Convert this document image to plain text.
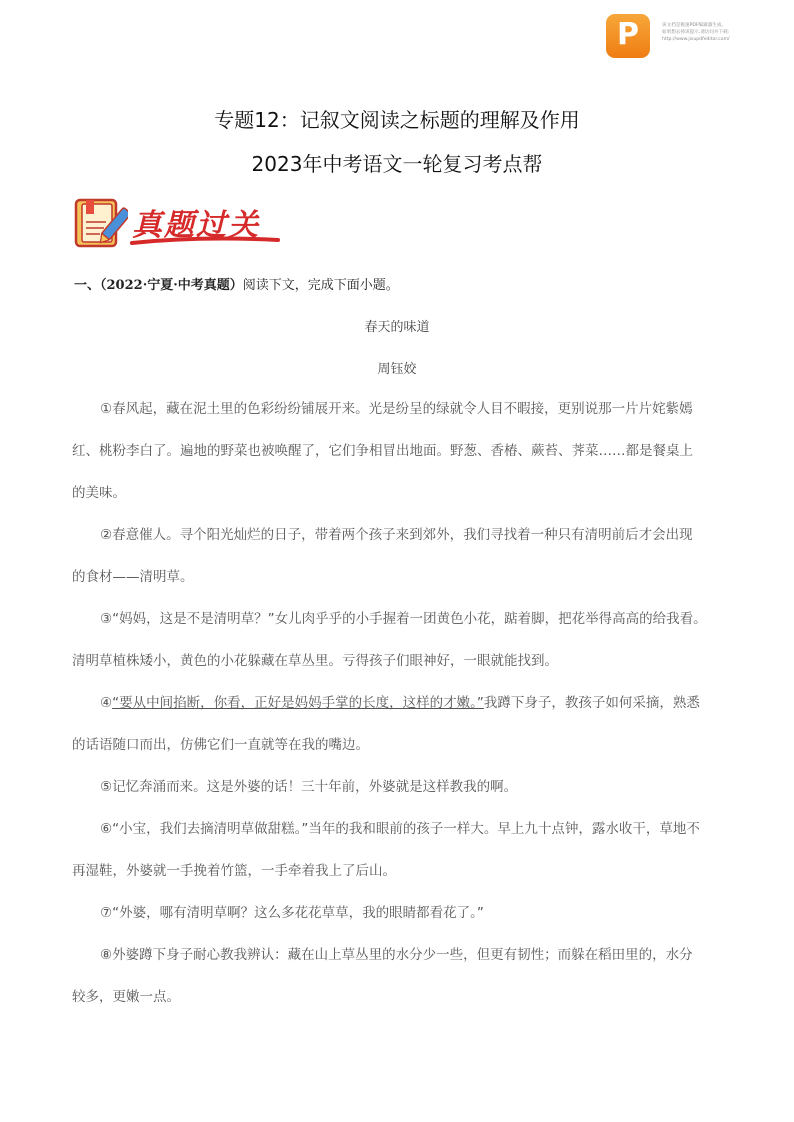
P	该文档是极速PDF编辑器生成,
如果想去掉该提示,请访问并下载:
http://www.jisupdfeditor.com/
专题12：记叙文阅读之标题的理解及作用
2023年中考语文一轮复习考点帮
真题过关
一、（2022·宁夏·中考真题）阅读下文，完成下面小题。
春天的味道
周钰姣
①春风起，藏在泥土里的色彩纷纷铺展开来。光是纷呈的绿就令人目不暇接，更别说那一片片姹紫嫣
红、桃粉李白了。遍地的野菜也被唤醒了，它们争相冒出地面。野葱、香椿、蕨苔、荠菜……都是餐桌上
的美味。
②春意催人。寻个阳光灿烂的日子，带着两个孩子来到郊外，我们寻找着一种只有清明前后才会出现
的食材——清明草。
③“妈妈，这是不是清明草？”女儿肉乎乎的小手握着一团黄色小花，踮着脚，把花举得高高的给我看。
清明草植株矮小，黄色的小花躲藏在草丛里。亏得孩子们眼神好，一眼就能找到。
④“要从中间掐断，你看，正好是妈妈手掌的长度，这样的才嫩。”我蹲下身子，教孩子如何采摘，熟悉
的话语随口而出，仿佛它们一直就等在我的嘴边。
⑤记忆奔涌而来。这是外婆的话！三十年前，外婆就是这样教我的啊。
⑥“小宝，我们去摘清明草做甜糕。”当年的我和眼前的孩子一样大。早上九十点钟，露水收干，草地不
再湿鞋，外婆就一手挽着竹篮，一手牵着我上了后山。
⑦“外婆，哪有清明草啊？这么多花花草草，我的眼睛都看花了。”
⑧外婆蹲下身子耐心教我辨认：藏在山上草丛里的水分少一些，但更有韧性；而躲在稻田里的，水分
较多，更嫩一点。
